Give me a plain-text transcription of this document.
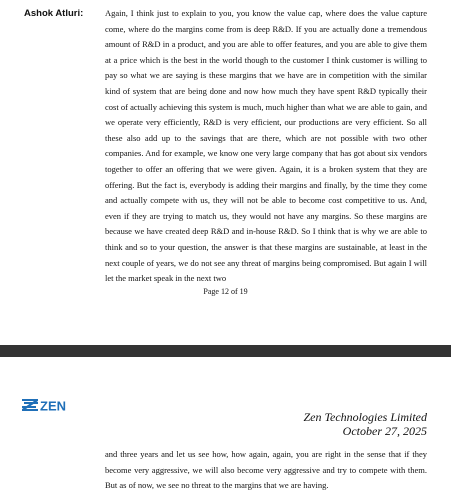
Ashok Atluri:	Again, I think just to explain to you, you know the value cap, where does the value capture come, where do the margins come from is deep R&D. If you are actually done a tremendous amount of R&D in a product, and you are able to offer features, and you are able to give them at a price which is the best in the world though to the customer I think customer is willing to pay so what we are saying is these margins that we have are in competition with the similar kind of system that are being done and now how much they have spent R&D typically their cost of actually achieving this system is much, much higher than what we are able to gain, and we operate very efficiently, R&D is very efficient, our productions are very efficient. So all these also add up to the savings that are there, which are not possible with two other companies. And for example, we know one very large company that has got about six vendors together to offer an offering that we were given. Again, it is a broken system that they are offering. But the fact is, everybody is adding their margins and finally, by the time they come and actually compete with us, they will not be able to become cost competitive to us. And, even if they are trying to match us, they would not have any margins. So these margins are because we have created deep R&D and in-house R&D. So I think that is why we are able to think and so to your question, the answer is that these margins are sustainable, at least in the next couple of years, we do not see any threat of margins being compromised. But again I will let the market speak in the next two

Page 12 of 19
ZEN
Zen Technologies Limited
October 27, 2025

and three years and let us see how, how again, again, you are right in the sense that if they become very aggressive, we will also become very aggressive and try to compete with them. But as of now, we see no threat to the margins that we are having.
